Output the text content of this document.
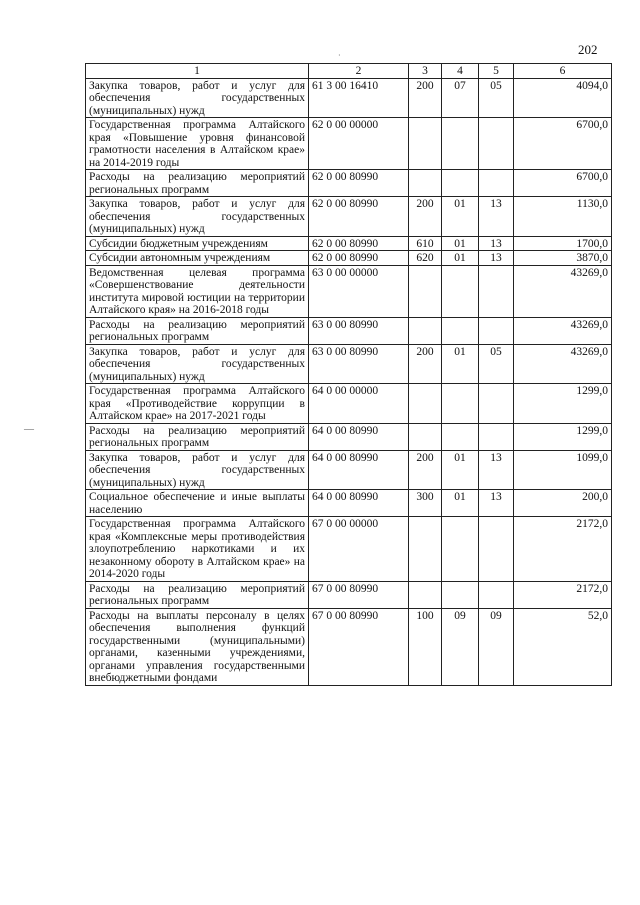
202
—
·
1	2	3	4	5	6
Закупка товаров, работ и услуг для обеспечения государственных (муниципальных) нужд	61 3 00 16410	200	07	05	4094,0
Государственная программа Алтайского края «Повышение уровня финансовой грамотности населения в Алтайском крае» на 2014-2019 годы	62 0 00 00000				6700,0
Расходы на реализацию мероприятий региональных программ	62 0 00 80990				6700,0
Закупка товаров, работ и услуг для обеспечения государственных (муниципальных) нужд	62 0 00 80990	200	01	13	1130,0
Субсидии бюджетным учреждениям	62 0 00 80990	610	01	13	1700,0
Субсидии автономным учреждениям	62 0 00 80990	620	01	13	3870,0
Ведомственная целевая программа «Совершенствование деятельности института мировой юстиции на территории Алтайского края» на 2016-2018 годы	63 0 00 00000				43269,0
Расходы на реализацию мероприятий региональных программ	63 0 00 80990				43269,0
Закупка товаров, работ и услуг для обеспечения государственных (муниципальных) нужд	63 0 00 80990	200	01	05	43269,0
Государственная программа Алтайского края «Противодействие коррупции в Алтайском крае» на 2017-2021 годы	64 0 00 00000				1299,0
Расходы на реализацию мероприятий региональных программ	64 0 00 80990				1299,0
Закупка товаров, работ и услуг для обеспечения государственных (муниципальных) нужд	64 0 00 80990	200	01	13	1099,0
Социальное обеспечение и иные выплаты населению	64 0 00 80990	300	01	13	200,0
Государственная программа Алтайского края «Комплексные меры противодействия злоупотреблению наркотиками и их незаконному обороту в Алтайском крае» на 2014-2020 годы	67 0 00 00000				2172,0
Расходы на реализацию мероприятий региональных программ	67 0 00 80990				2172,0
Расходы на выплаты персоналу в целях обеспечения выполнения функций государственными (муниципальными) органами, казенными учреждениями, органами управления государственными внебюджетными фондами	67 0 00 80990	100	09	09	52,0
